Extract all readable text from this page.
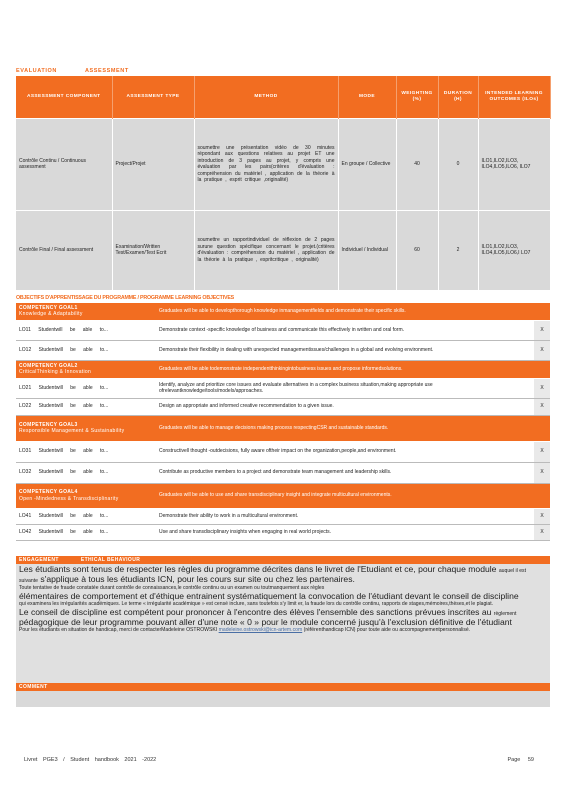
EVALUATION	ASSESSMENT
ASSESSMENT COMPONENT	ASSESSMENT TYPE	METHOD	MODE	WEIGHTING (%)	DURATION (H)	INTENDED LEARNING OUTCOMES (ILOs)
Contrôle Continu / Continuous assessment	Project/Projet	soumettre une présentation vidéo de 30 minutes répondant aux questions relatives au projet ET une introduction de 3 pages au projet, y compris une évaluation par les pairs(critères d'évaluation : compréhension du matériel , application de la théorie à la pratique , esprit critique ,originalité)	En groupe / Collective	40	0	ILO1,ILO2,ILO3, ILO4,ILO5,ILO6, ILO7
Contrôle Final / Final assessment	Examination/Written Test/Examen/Test Ecrit	soumettre un rapportindividuel de réflexion de 2 pages surune question spécifique concernant le projet.(critères d'évaluation : compréhension du matériel , application de la théorie à la pratique , espritcritique , originalité)	Individuel / Individual	60	2	ILO1,ILO2,ILO3, ILO4,ILO5,ILO6,I LO7
OBJECTIFS D'APPRENTISSAGE DU PROGRAMME / PROGRAMME LEARNING OBJECTIVES
COMPETENCY GOAL1
Knowledge & Adaptability	Graduates will be able to developthorough knowledge inmanagementfields and demonstrate their specific skills.	
LO11 Studentwill be able to...	Demonstrate context -specific knowledge of business and communicate this effectively in written and oral form.	X
LO12 Studentwill be able to...	Demonstrate their flexibility in dealing with unexpected managementissues/challenges in a global and evolving environment.	X
COMPETENCY GOAL2
CriticalThinking & Innovation	Graduates will be able todemonstrate independentthinkingintobusiness issues and propose informedsolutions.	
LO21 Studentwill be able to...	Identify, analyze and prioritize core issues and evaluate alternatives in a complex business situation,making appropriate use ofrelevantknowledge/tools/models/approaches.	X
LO22 Studentwill be able to...	Design an appropriate and informed creative recommendation to a given issue.	X
COMPETENCY GOAL3
Responsible Management & Sustainability	Graduates will be able to manage decisions making process respectingCSR and sustainable standards.	
LO31 Studentwill be able to...	Constructivell thought -outdecisions, fully aware oftheir impact on the organization,people,and environment.	X
LO32 Studentwill be able to...	Contribute as productive members to a project and demonstrate team management and leadership skills.	X
COMPETENCY GOAL4
Open -Mindedness & Transdisciplinarity	Graduates will be able to use and share transdisciplinary insight and integrate multicultural environments.	
LO41 Studentwill be able to...	Demonstrate their ability to work in a multicultural environment.	X
LO42 Studentwill be able to...	Use and share transdisciplinary insights when engaging in real world projects.	X
ENGAGEMENT	ETHICAL BEHAVIOUR
Les étudiants sont tenus de respecter les règles du programme décrites dans le livret de l'Etudiant et ce, pour chaque module auquel il est
suivante s'applique à tous les étudiants ICN, pour les cours sur site ou chez les partenaires.
Toute tentative de fraude constatée durant contrôle de connaissances,le contrôle continu ou un examen ou toutmanquement aux règles
élémentaires de comportement et d'éthique entrainent systématiquement la convocation de l'étudiant devant le conseil de discipline
qui examinera les irrégularités académiques. Le terme « irrégularité académique » est censé inclure, sans toutefois s'y limit er, la fraude lors du contrôle continu, rapports de stages,mémoires,thèses,et le plagiat.
Le conseil de discipline est compétent pour prononcer à l'encontre des élèves l'ensemble des sanctions prévues inscrites au règlement
pédagogique de leur programme pouvant aller d'une note « 0 » pour le module concerné jusqu'à l'exclusion définitive de l'étudiant
Pour les étudiants en situation de handicap, merci de contacterMadeleine OSTROWSKI madeleine.ostrowski@icn-artem.com (référenthandicap ICN) pour toute aide ou accompagnementpersonnalisé.
COMMENT
Livret PGE3 / Student handbook 2021 -2022	Page 59
